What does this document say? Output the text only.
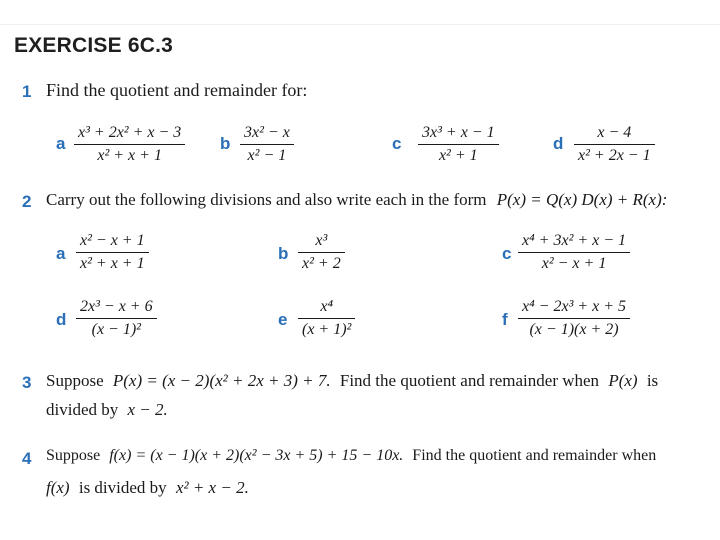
EXERCISE 6C.3
1 Find the quotient and remainder for:
a
x³ + 2x² + x − 3
x² + x + 1
b
3x² − x
x² − 1
c
3x³ + x − 1
x² + 1
d
x − 4
x² + 2x − 1
2 Carry out the following divisions and also write each in the form P(x) = Q(x) D(x) + R(x):
a
x² − x + 1
x² + x + 1
b
x³
x² + 2
c
x⁴ + 3x² + x − 1
x² − x + 1
d
2x³ − x + 6
(x − 1)²
e
x⁴
(x + 1)²
f
x⁴ − 2x³ + x + 5
(x − 1)(x + 2)
3 Suppose P(x) = (x − 2)(x² + 2x + 3) + 7. Find the quotient and remainder when P(x) is
divided by x − 2.
4 Suppose f(x) = (x − 1)(x + 2)(x² − 3x + 5) + 15 − 10x. Find the quotient and remainder when
f(x) is divided by x² + x − 2.
